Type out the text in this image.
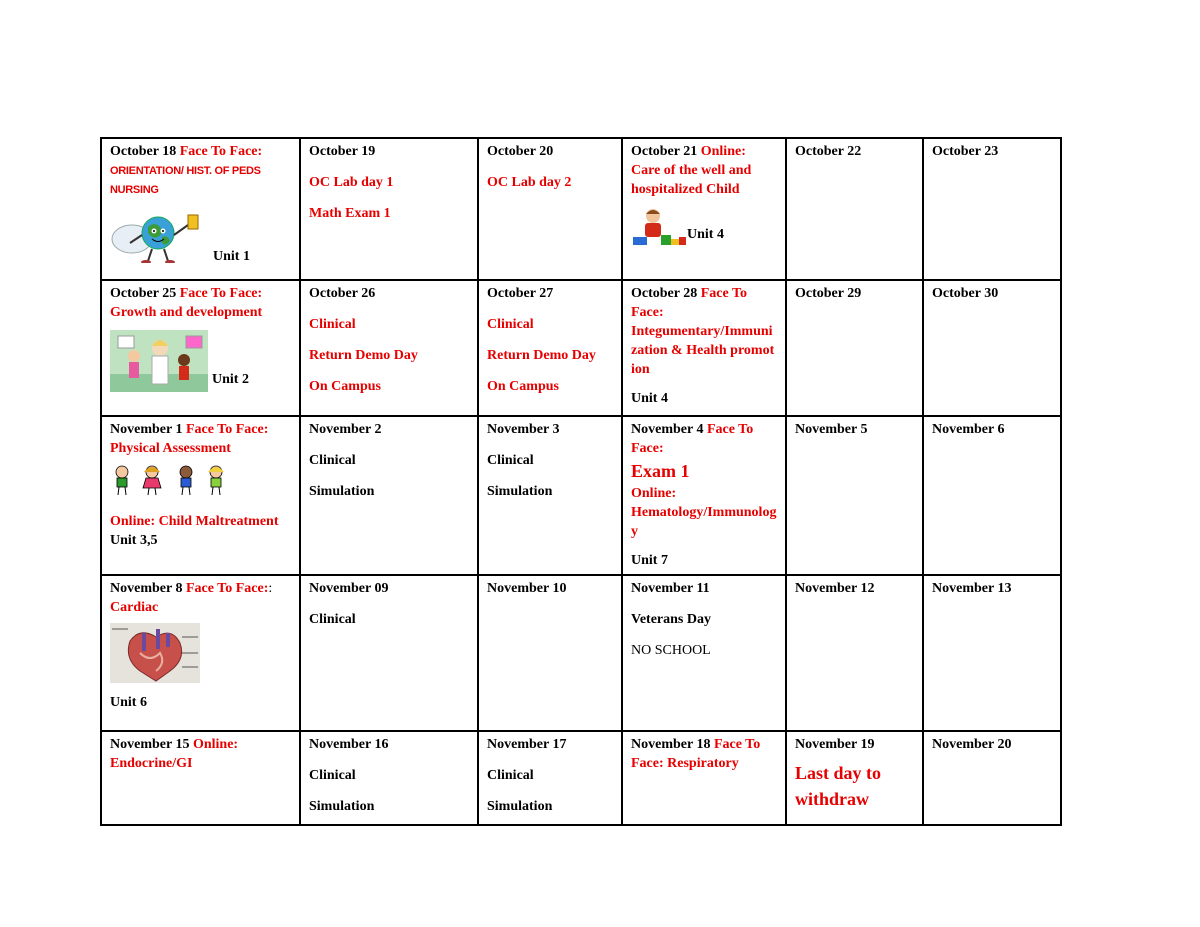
October 18 Face To Face:
ORIENTATION/ HIST. OF PEDS NURSING
Unit 1	October 19
OC Lab day 1
Math Exam 1	October 20
OC Lab day 2	October 21 Online:
Care of the well and hospitalized Child
Unit 4	October 22	October 23
October 25 Face To Face:
Growth and development
Unit 2	October 26
Clinical
Return Demo Day
On Campus	October 27
Clinical
Return Demo Day
On Campus	October 28 Face To Face:
Integumentary/Immunization & Health promotion
Unit 4	October 29	October 30
November 1 Face To Face:
Physical Assessment
Online: Child Maltreatment Unit 3,5	November 2
Clinical
Simulation	November 3
Clinical
Simulation	November 4 Face To Face:
Exam 1
Online:
Hematology/Immunology
Unit 7	November 5	November 6
November 8 Face To Face::
Cardiac
Unit 6	November 09
Clinical	November 10	November 11
Veterans Day
NO SCHOOL	November 12	November 13
November 15 Online:
Endocrine/GI	November 16
Clinical
Simulation	November 17
Clinical
Simulation	November 18 Face To Face: Respiratory	November 19
Last day to withdraw	November 20
